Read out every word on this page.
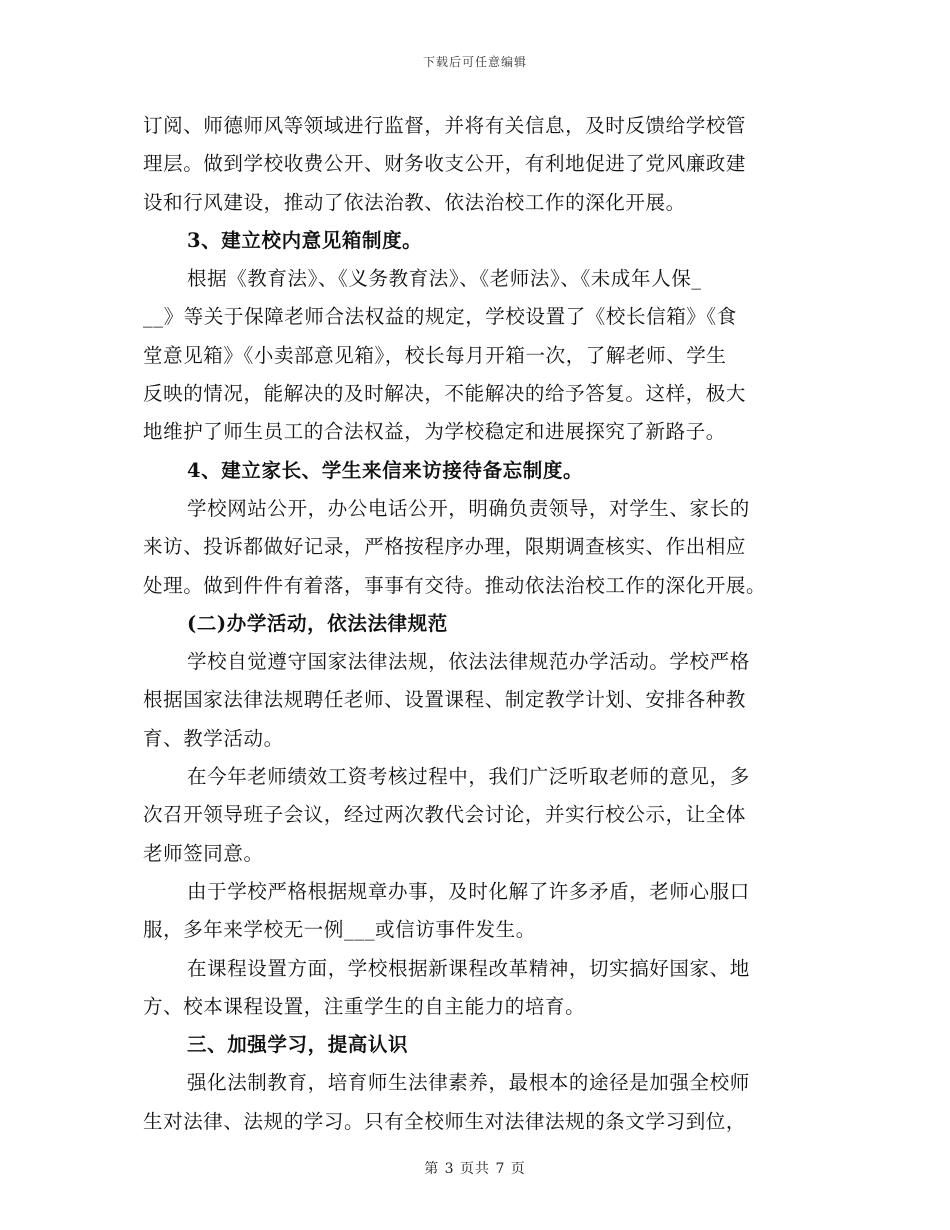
下载后可任意编辑
订阅、师德师风等领域进行监督，并将有关信息，及时反馈给学校管
理层。做到学校收费公开、财务收支公开，有利地促进了党风廉政建
设和行风建设，推动了依法治教、依法治校工作的深化开展。
3、建立校内意见箱制度。
根据《教育法》、《义务教育法》、《老师法》、《未成年人保_
__》等关于保障老师合法权益的规定，学校设置了《校长信箱》《食
堂意见箱》《小卖部意见箱》，校长每月开箱一次，了解老师、学生
反映的情况，能解决的及时解决，不能解决的给予答复。这样，极大
地维护了师生员工的合法权益，为学校稳定和进展探究了新路子。
4、建立家长、学生来信来访接待备忘制度。
学校网站公开，办公电话公开，明确负责领导，对学生、家长的
来访、投诉都做好记录，严格按程序办理，限期调查核实、作出相应
处理。做到件件有着落，事事有交待。推动依法治校工作的深化开展。
(二)办学活动，依法法律规范
学校自觉遵守国家法律法规，依法法律规范办学活动。学校严格
根据国家法律法规聘任老师、设置课程、制定教学计划、安排各种教
育、教学活动。
在今年老师绩效工资考核过程中，我们广泛听取老师的意见，多
次召开领导班子会议，经过两次教代会讨论，并实行校公示，让全体
老师签同意。
由于学校严格根据规章办事，及时化解了许多矛盾，老师心服口
服，多年来学校无一例___或信访事件发生。
在课程设置方面，学校根据新课程改革精神，切实搞好国家、地
方、校本课程设置，注重学生的自主能力的培育。
三、加强学习，提高认识
强化法制教育，培育师生法律素养，最根本的途径是加强全校师
生对法律、法规的学习。只有全校师生对法律法规的条文学习到位，
第 3 页共 7 页
